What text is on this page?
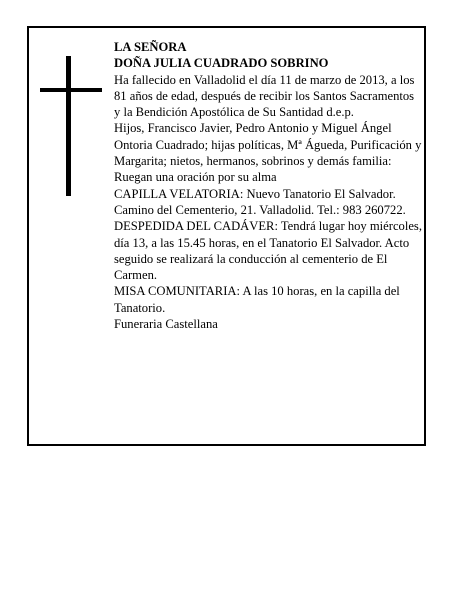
LA SEÑORA

DOÑA JULIA CUADRADO SOBRINO

Ha fallecido en Valladolid el día 11 de marzo de 2013, a los 81 años de edad, después de recibir los Santos Sacramentos y la Bendición Apostólica de Su Santidad d.e.p.

Hijos, Francisco Javier, Pedro Antonio y Miguel Ángel Ontoria Cuadrado; hijas políticas, Mª Águeda, Purificación y Margarita; nietos, hermanos, sobrinos y demás familia:

Ruegan una oración por su alma

CAPILLA VELATORIA: Nuevo Tanatorio El Salvador. Camino del Cementerio, 21. Valladolid. Tel.: 983 260722.

DESPEDIDA DEL CADÁVER: Tendrá lugar hoy miércoles, día 13, a las 15.45 horas, en el Tanatorio El Salvador. Acto seguido se realizará la conducción al cementerio de El Carmen.

MISA COMUNITARIA: A las 10 horas, en la capilla del Tanatorio.

Funeraria Castellana
